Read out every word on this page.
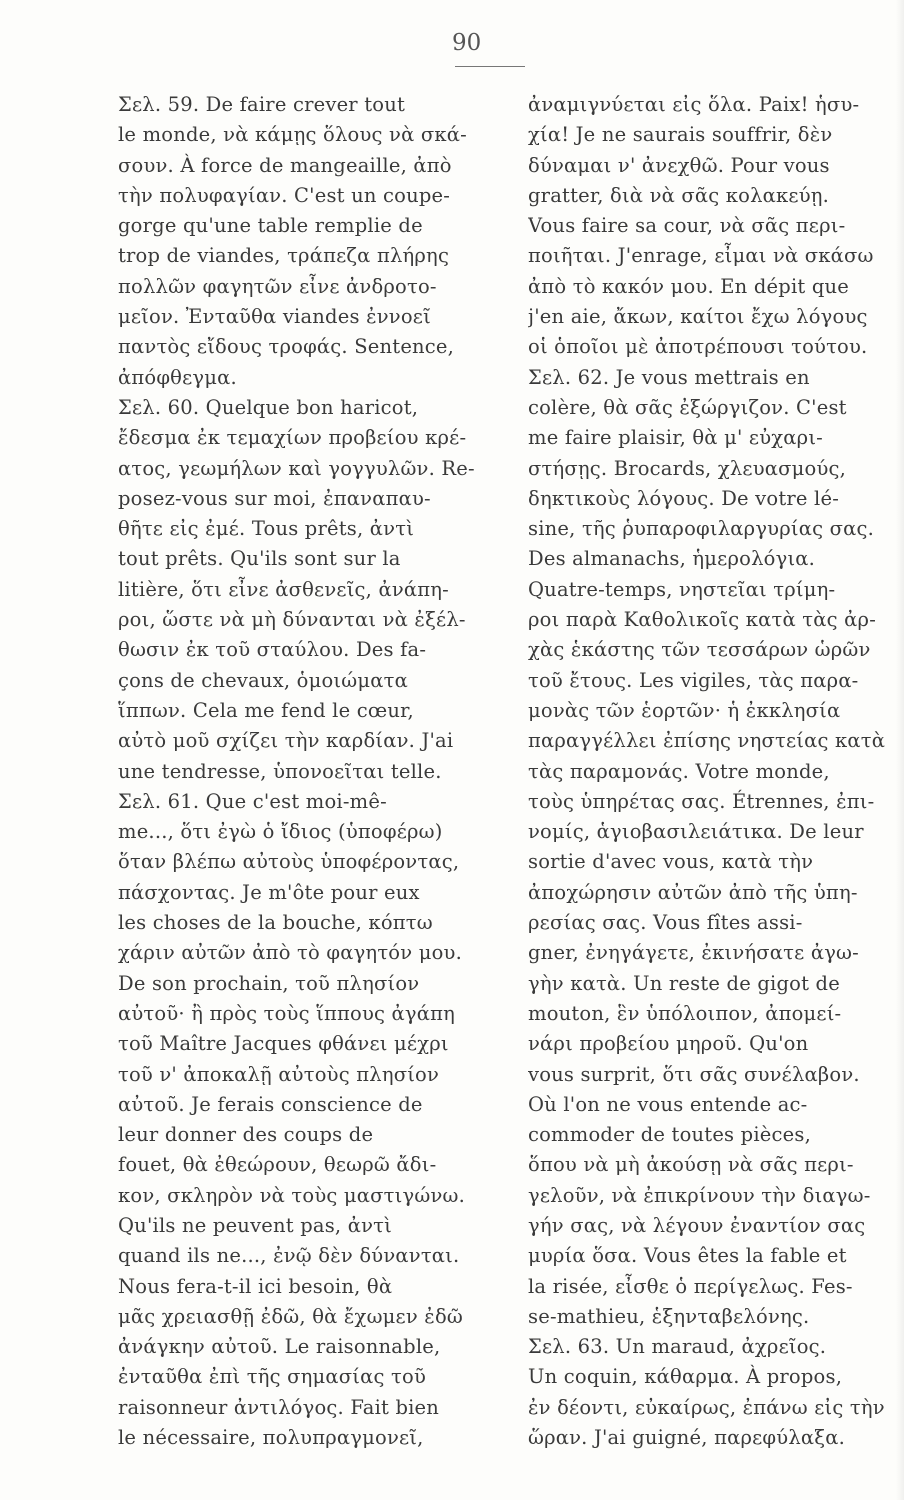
90
Σελ. 59. De faire crever tout
le monde, νὰ κάμῃς ὅλους νὰ σκά-
σουν. À force de mangeaille, ἀπὸ
τὴν πολυφαγίαν. C'est un coupe-
gorge qu'une table remplie de
trop de viandes, τράπεζα πλήρης
πολλῶν φαγητῶν εἶνε ἀνδροτο-
μεῖον. Ἐνταῦθα viandes ἐννοεῖ
παντὸς εἴδους τροφάς. Sentence,
ἀπόφθεγμα.
Σελ. 60. Quelque bon haricot,
ἔδεσμα ἐκ τεμαχίων προβείου κρέ-
ατος, γεωμήλων καὶ γογγυλῶν. Re-
posez-vous sur moi, ἐπαναπαυ-
θῆτε εἰς ἐμέ. Tous prêts, ἀντὶ
tout prêts. Qu'ils sont sur la
litière, ὅτι εἶνε ἀσθενεῖς, ἀνάπη-
ροι, ὥστε νὰ μὴ δύνανται νὰ ἐξέλ-
θωσιν ἐκ τοῦ σταύλου. Des fa-
çons de chevaux, ὁμοιώματα
ἵππων. Cela me fend le cœur,
αὐτὸ μοῦ σχίζει τὴν καρδίαν. J'ai
une tendresse, ὑπονοεῖται telle.
Σελ. 61. Que c'est moi-mê-
me..., ὅτι ἐγὼ ὁ ἴδιος (ὑποφέρω)
ὅταν βλέπω αὐτοὺς ὑποφέροντας,
πάσχοντας. Je m'ôte pour eux
les choses de la bouche, κόπτω
χάριν αὐτῶν ἀπὸ τὸ φαγητόν μου.
De son prochain, τοῦ πλησίον
αὐτοῦ· ἢ πρὸς τοὺς ἵππους ἀγάπη
τοῦ Maître Jacques φθάνει μέχρι
τοῦ ν' ἀποκαλῇ αὐτοὺς πλησίον
αὐτοῦ. Je ferais conscience de
leur donner des coups de
fouet, θὰ ἐθεώρουν, θεωρῶ ἄδι-
κον, σκληρὸν νὰ τοὺς μαστιγώνω.
Qu'ils ne peuvent pas, ἀντὶ
quand ils ne..., ἐνῷ δὲν δύνανται.
Nous fera-t-il ici besoin, θὰ
μᾶς χρειασθῇ ἐδῶ, θὰ ἔχωμεν ἐδῶ
ἀνάγκην αὐτοῦ. Le raisonnable,
ἐνταῦθα ἐπὶ τῆς σημασίας τοῦ
raisonneur ἀντιλόγος. Fait bien
le nécessaire, πολυπραγμονεῖ,
ἀναμιγνύεται εἰς ὅλα. Paix! ἡσυ-
χία! Je ne saurais souffrir, δὲν
δύναμαι ν' ἀνεχθῶ. Pour vous
gratter, διὰ νὰ σᾶς κολακεύῃ.
Vous faire sa cour, νὰ σᾶς περι-
ποιῆται. J'enrage, εἶμαι νὰ σκάσω
ἀπὸ τὸ κακόν μου. En dépit que
j'en aie, ἄκων, καίτοι ἔχω λόγους
οἱ ὁποῖοι μὲ ἀποτρέπουσι τούτου.
Σελ. 62. Je vous mettrais en
colère, θὰ σᾶς ἐξώργιζον. C'est
me faire plaisir, θὰ μ' εὐχαρι-
στήσῃς. Brocards, χλευασμούς,
δηκτικοὺς λόγους. De votre lé-
sine, τῆς ῥυπαροφιλαργυρίας σας.
Des almanachs, ἡμερολόγια.
Quatre-temps, νηστεῖαι τρίμη-
ροι παρὰ Καθολικοῖς κατὰ τὰς ἀρ-
χὰς ἑκάστης τῶν τεσσάρων ὡρῶν
τοῦ ἔτους. Les vigiles, τὰς παρα-
μονὰς τῶν ἑορτῶν· ἡ ἐκκλησία
παραγγέλλει ἐπίσης νηστείας κατὰ
τὰς παραμονάς. Votre monde,
τοὺς ὑπηρέτας σας. Étrennes, ἐπι-
νομίς, ἁγιοβασιλειάτικα. De leur
sortie d'avec vous, κατὰ τὴν
ἀποχώρησιν αὐτῶν ἀπὸ τῆς ὑπη-
ρεσίας σας. Vous fîtes assi-
gner, ἐνηγάγετε, ἐκινήσατε ἀγω-
γὴν κατὰ. Un reste de gigot de
mouton, ἓν ὑπόλοιπον, ἀπομεί-
νάρι προβείου μηροῦ. Qu'on
vous surprit, ὅτι σᾶς συνέλαβον.
Où l'on ne vous entende ac-
commoder de toutes pièces,
ὅπου νὰ μὴ ἀκούσῃ νὰ σᾶς περι-
γελοῦν, νὰ ἐπικρίνουν τὴν διαγω-
γήν σας, νὰ λέγουν ἐναντίον σας
μυρία ὅσα. Vous êtes la fable et
la risée, εἶσθε ὁ περίγελως. Fes-
se-mathieu, ἑξηνταβελόνης.
Σελ. 63. Un maraud, ἀχρεῖος.
Un coquin, κάθαρμα. À propos,
ἐν δέοντι, εὐκαίρως, ἐπάνω εἰς τὴν
ὥραν. J'ai guigné, παρεφύλαξα.
